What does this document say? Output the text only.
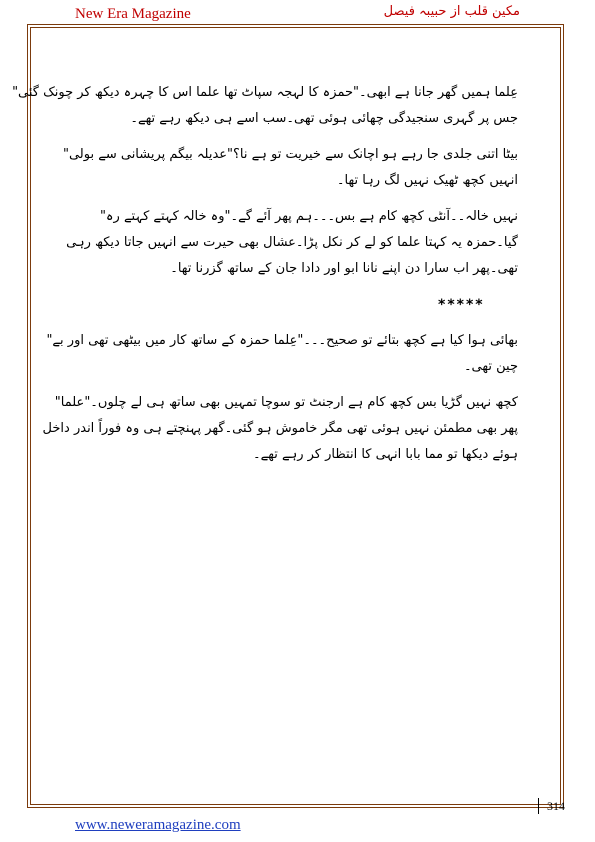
New Era Magazine	مکین قلب از حبیبہ فیصل
عِلما ہمیں گھر جانا ہے ابھی۔"حمزہ کا لہجہ سپاٹ تھا علما اس کا چہرہ دیکھ کر چونک گئی"
جس پر گہری سنجیدگی چھائی ہوئی تھی۔سب اسے ہی دیکھ رہے تھے۔
بیٹا اتنی جلدی جا رہے ہو اچانک سے خیریت تو ہے نا؟"عدیلہ بیگم پریشانی سے بولی"
انہیں کچھ ٹھیک نہیں لگ رہا تھا۔
نہیں خالہ۔۔آنٹی کچھ کام ہے بس۔۔۔ہم پھر آئے گے۔"وہ خالہ کہتے کہتے رہ"
گیا۔حمزہ یہ کہتا علما کو لے کر نکل پڑا۔عشال بھی حیرت سے انہیں جاتا دیکھ رہی
تھی۔پھر اب سارا دن اپنے نانا ابو اور دادا جان کے ساتھ گزرنا تھا۔
*****
بھائی ہوا کیا ہے کچھ بتائے تو صحیح۔۔۔"عِلما حمزہ کے ساتھ کار میں بیٹھی تھی اور بے"
چین تھی۔
کچھ نہیں گڑیا بس کچھ کام ہے ارجنٹ تو سوچا تمہیں بھی ساتھ ہی لے چلوں۔"علما"
پھر بھی مطمئن نہیں ہوئی تھی مگر خاموش ہو گئی۔گھر پہنچتے ہی وہ فوراً اندر داخل
ہوئے دیکھا تو مما بابا انہی کا انتظار کر رہے تھے۔
314
www.neweramagazine.com
